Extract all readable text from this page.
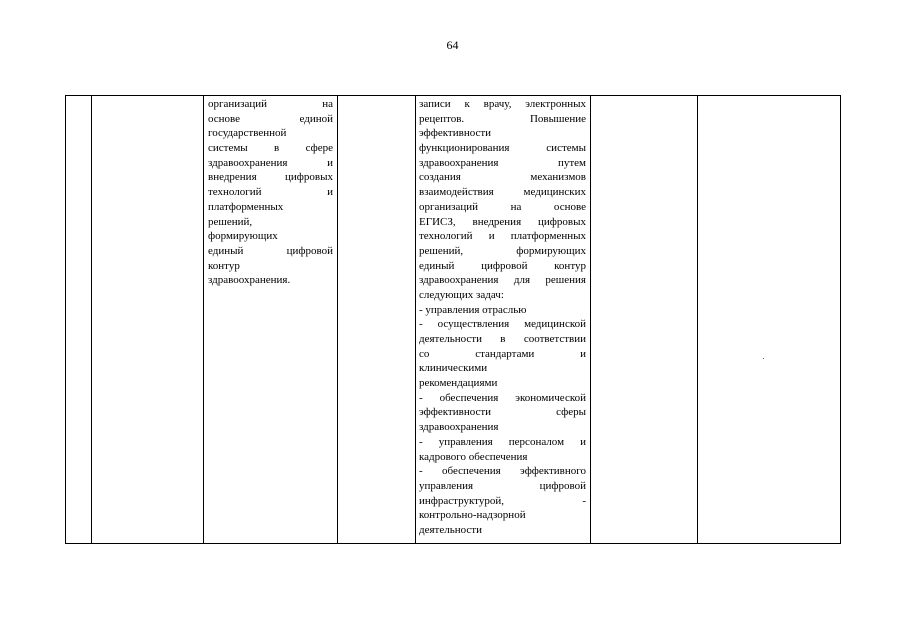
64
организаций на
основе единой
государственной
системы в сфере
здравоохранения и
внедрения цифровых
технологий и
платформенных
решений,
формирующих
единый цифровой
контур
здравоохранения.
записи к врачу, электронных
рецептов. Повышение
эффективности
функционирования системы
здравоохранения путем
создания механизмов
взаимодействия медицинских
организаций на основе
ЕГИСЗ, внедрения цифровых
технологий и платформенных
решений, формирующих
единый цифровой контур
здравоохранения для решения
следующих задач:
- управления отраслью
- осуществления медицинской
деятельности в соответствии
со стандартами и
клиническими
рекомендациями
- обеспечения экономической
эффективности сферы
здравоохранения
- управления персоналом и
кадрового обеспечения
- обеспечения эффективного
управления цифровой
инфраструктурой, -
контрольно-надзорной
деятельности
